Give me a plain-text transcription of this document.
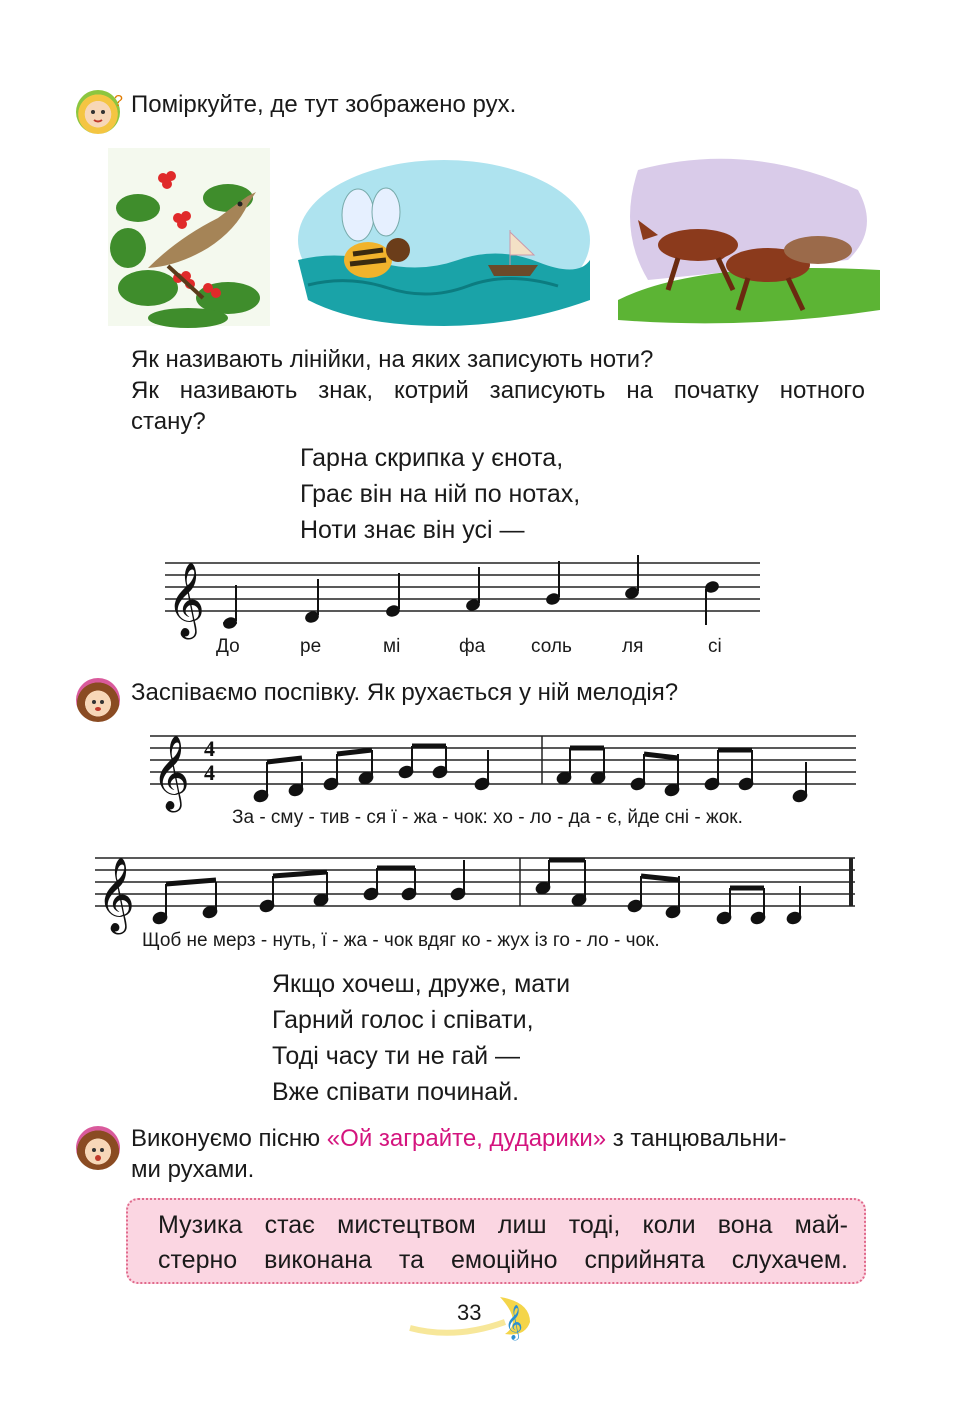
? Поміркуйте, де тут зображено рух.
Як називають лінійки, на яких записують ноти?
Як називають знак, котрий записують на початку нотного
стану?
Гарна скрипка у єнота,
Грає він на ній по нотах,
Ноти знає він усі —
𝄞
До	ре	мі	фа соль	ля	сі
Заспіваємо поспівку. Як рухається у ній мелодія?
𝄞 4
4
За - сму - тив - ся ї - жа - чок: хо - ло - да - є, йде сні - жок.
𝄞
Щоб не мерз - нуть, ї - жа - чок вдяг ко - жух із го - ло - чок.
Якщо хочеш, друже, мати
Гарний голос і співати,
Тоді часу ти не гай —
Вже співати починай.
Виконуємо пісню «Ой заграйте, дударики» з танцювальни-
ми рухами.
Музика стає мистецтвом лиш тоді, коли вона май-
стерно виконана та емоційно сприйнята слухачем.
𝄞
33
